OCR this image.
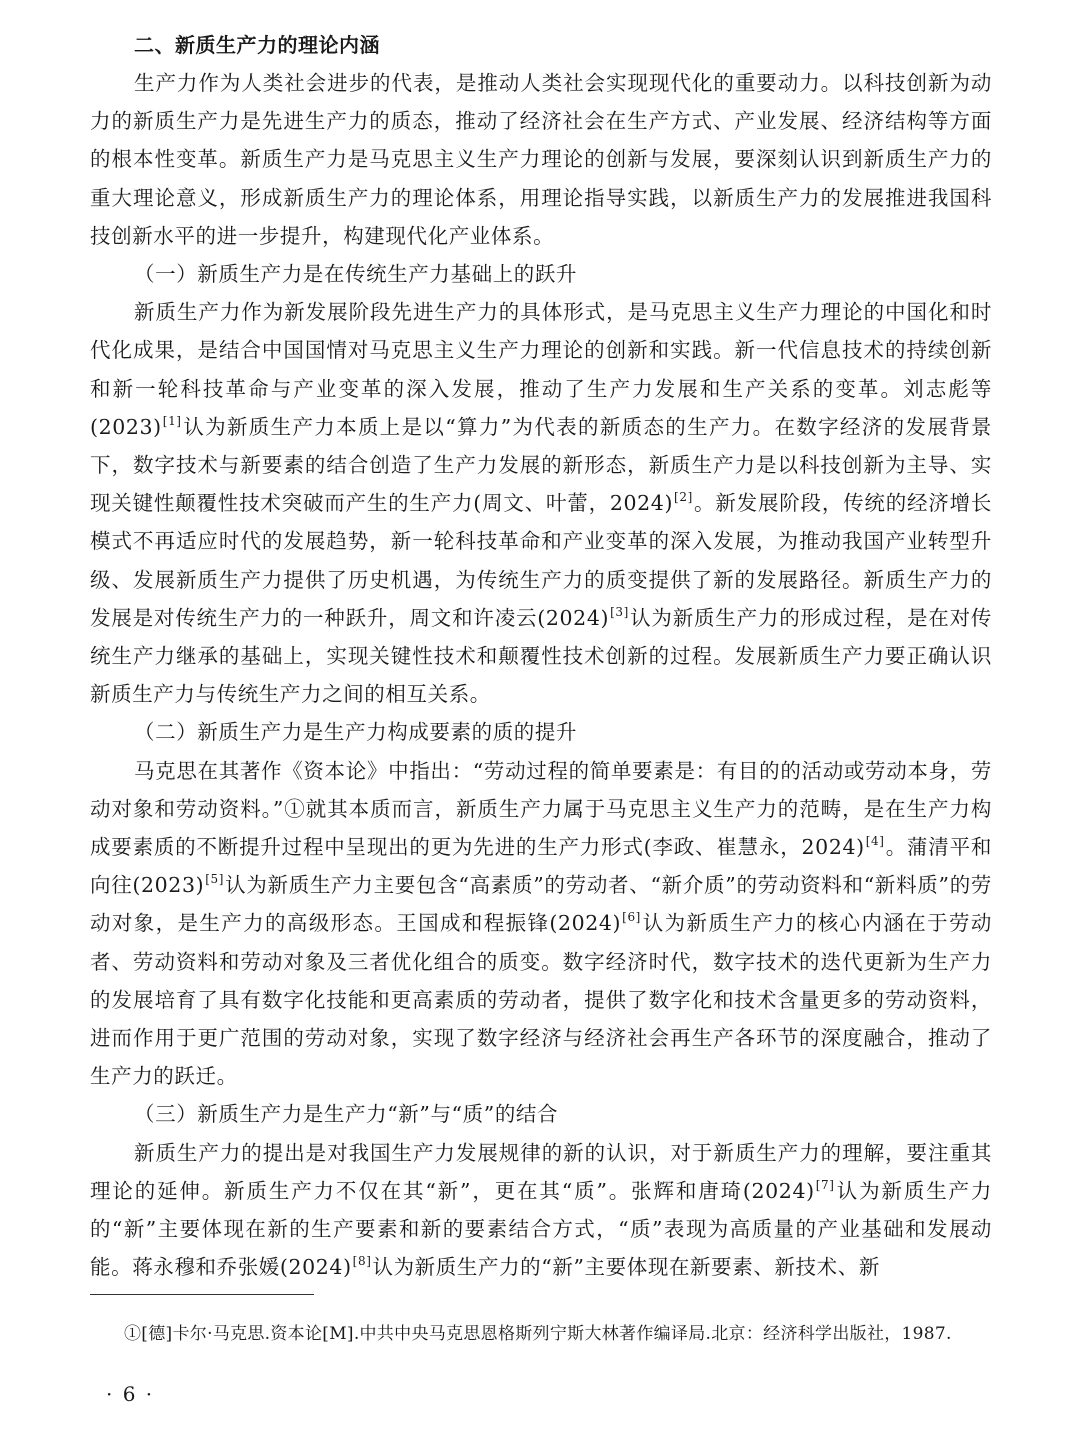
二、新质生产力的理论内涵

生产力作为人类社会进步的代表，是推动人类社会实现现代化的重要动力。以科技创新为动力的新质生产力是先进生产力的质态，推动了经济社会在生产方式、产业发展、经济结构等方面的根本性变革。新质生产力是马克思主义生产力理论的创新与发展，要深刻认识到新质生产力的重大理论意义，形成新质生产力的理论体系，用理论指导实践，以新质生产力的发展推进我国科技创新水平的进一步提升，构建现代化产业体系。

（一）新质生产力是在传统生产力基础上的跃升

新质生产力作为新发展阶段先进生产力的具体形式，是马克思主义生产力理论的中国化和时代化成果，是结合中国国情对马克思主义生产力理论的创新和实践。新一代信息技术的持续创新和新一轮科技革命与产业变革的深入发展，推动了生产力发展和生产关系的变革。刘志彪等(2023)[1]认为新质生产力本质上是以“算力”为代表的新质态的生产力。在数字经济的发展背景下，数字技术与新要素的结合创造了生产力发展的新形态，新质生产力是以科技创新为主导、实现关键性颠覆性技术突破而产生的生产力(周文、叶蕾，2024)[2]。新发展阶段，传统的经济增长模式不再适应时代的发展趋势，新一轮科技革命和产业变革的深入发展，为推动我国产业转型升级、发展新质生产力提供了历史机遇，为传统生产力的质变提供了新的发展路径。新质生产力的发展是对传统生产力的一种跃升，周文和许凌云(2024)[3]认为新质生产力的形成过程，是在对传统生产力继承的基础上，实现关键性技术和颠覆性技术创新的过程。发展新质生产力要正确认识新质生产力与传统生产力之间的相互关系。

（二）新质生产力是生产力构成要素的质的提升

马克思在其著作《资本论》中指出：“劳动过程的简单要素是：有目的的活动或劳动本身，劳动对象和劳动资料。”①就其本质而言，新质生产力属于马克思主义生产力的范畴，是在生产力构成要素质的不断提升过程中呈现出的更为先进的生产力形式(李政、崔慧永，2024)[4]。蒲清平和向往(2023)[5]认为新质生产力主要包含“高素质”的劳动者、“新介质”的劳动资料和“新料质”的劳动对象，是生产力的高级形态。王国成和程振锋(2024)[6]认为新质生产力的核心内涵在于劳动者、劳动资料和劳动对象及三者优化组合的质变。数字经济时代，数字技术的迭代更新为生产力的发展培育了具有数字化技能和更高素质的劳动者，提供了数字化和技术含量更多的劳动资料，进而作用于更广范围的劳动对象，实现了数字经济与经济社会再生产各环节的深度融合，推动了生产力的跃迁。

（三）新质生产力是生产力“新”与“质”的结合

新质生产力的提出是对我国生产力发展规律的新的认识，对于新质生产力的理解，要注重其理论的延伸。新质生产力不仅在其“新”，更在其“质”。张辉和唐琦(2024)[7]认为新质生产力的“新”主要体现在新的生产要素和新的要素结合方式，“质”表现为高质量的产业基础和发展动能。蒋永穆和乔张媛(2024)[8]认为新质生产力的“新”主要体现在新要素、新技术、新

①[德]卡尔·马克思.资本论[M].中共中央马克思恩格斯列宁斯大林著作编译局.北京：经济科学出版社，1987.
· 6 ·
